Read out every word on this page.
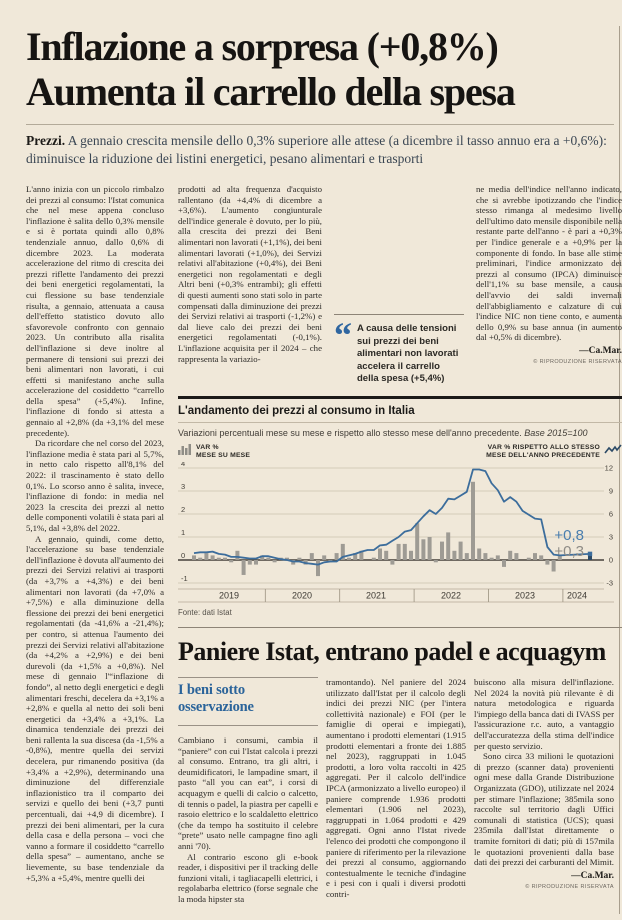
Inflazione a sorpresa (+0,8%)
Aumenta il carrello della spesa

Prezzi. A gennaio crescita mensile dello 0,3% superiore alle attese (a dicembre il tasso annuo era a +0,6%): diminuisce la riduzione dei listini energetici, pesano alimentari e trasporti

L'anno inizia con un piccolo rimbalzo dei prezzi al consumo: l'Istat comunica che nel mese appena concluso l'inflazione è salita dello 0,3% mensile e si è portata quindi allo 0,8% tendenziale annuo, dallo 0,6% di dicembre 2023. La moderata accelerazione del ritmo di crescita dei prezzi riflette l'andamento dei prezzi dei beni energetici regolamentati, la cui flessione su base tendenziale risulta, a gennaio, attenuata a causa dell'effetto statistico dovuto allo sfavorevole confronto con gennaio 2023. Un contributo alla risalita dell'inflazione si deve inoltre al permanere di tensioni sui prezzi dei beni alimentari non lavorati, i cui effetti si manifestano anche sulla accelerazione del cosiddetto “carrello della spesa” (+5,4%). Infine, l'inflazione di fondo si attesta a gennaio al +2,8% (da +3,1% del mese precedente).

Da ricordare che nel corso del 2023, l'inflazione media è stata pari al 5,7%, in netto calo rispetto all'8,1% del 2022: il trascinamento è stato dello 0,1%. Lo scorso anno è salita, invece, l'inflazione di fondo: in media nel 2023 la crescita dei prezzi al netto delle componenti volatili è stata pari al 5,1%, dal +3,8% del 2022.

A gennaio, quindi, come detto, l'accelerazione su base tendenziale dell'inflazione è dovuta all'aumento dei prezzi dei Servizi relativi ai trasporti (da +3,7% a +4,3%) e dei beni alimentari non lavorati (da +7,0% a +7,5%) e alla diminuzione della flessione dei prezzi dei beni energetici regolamentati (da -41,6% a -21,4%); per contro, si attenua l'aumento dei prezzi dei Servizi relativi all'abitazione (da +4,2% a +2,9%) e dei beni durevoli (da +1,5% a +0,8%). Nel mese di gennaio l'“inflazione di fondo”, al netto degli energetici e degli alimentari freschi, decelera da +3,1% a +2,8% e quella al netto dei soli beni energetici da +3,4% a +3,1%. La dinamica tendenziale dei prezzi dei beni rallenta la sua discesa (da -1,5% a -0,8%), mentre quella dei servizi decelera, pur rimanendo positiva (da +3,4% a +2,9%), determinando una diminuzione del differenziale inflazionistico tra il comparto dei servizi e quello dei beni (+3,7 punti percentuali, dai +4,9 di dicembre). I prezzi dei beni alimentari, per la cura della casa e della persona – voci che vanno a formare il cosiddetto “carrello della spesa” – aumentano, anche se lievemente, su base tendenziale da +5,3% a +5,4%, mentre quelli dei

prodotti ad alta frequenza d'acquisto rallentano (da +4,4% di dicembre a +3,6%). L'aumento congiunturale dell'indice generale è dovuto, per lo più, alla crescita dei prezzi dei Beni alimentari non lavorati (+1,1%), dei beni alimentari lavorati (+1,0%), dei Servizi relativi all'abitazione (+0,4%), dei Beni energetici non regolamentati e degli Altri beni (+0,3% entrambi); gli effetti di questi aumenti sono stati solo in parte compensati dalla diminuzione dei prezzi dei Servizi relativi ai trasporti (-1,2%) e dal lieve calo dei prezzi dei beni energetici regolamentati (-0,1%). L'inflazione acquisita per il 2024 – che rappresenta la variazio-

“ A causa delle tensioni sui prezzi dei beni alimentari non lavorati accelera il carrello della spesa (+5,4%)

ne media dell'indice nell'anno indicato, che si avrebbe ipotizzando che l'indice stesso rimanga al medesimo livello dell'ultimo dato mensile disponibile nella restante parte dell'anno - è pari a +0,3% per l'indice generale e a +0,9% per la componente di fondo. In base alle stime preliminari, l'indice armonizzato dei prezzi al consumo (IPCA) diminuisce dell'1,1% su base mensile, a causa dell'avvio dei saldi invernali dell'abbigliamento e calzature di cui l'indice NIC non tiene conto, e aumenta dello 0,9% su base annua (in aumento dal +0,5% di dicembre).

—Ca.Mar.
© RIPRODUZIONE RISERVATA
L'andamento dei prezzi al consumo in Italia
Variazioni percentuali mese su mese e rispetto allo stesso mese dell'anno precedente. Base 2015=100
VAR %
MESE SU MESE
VAR % RISPETTO ALLO STESSO
MESE DELL'ANNO PRECEDENTE
4	12
3	9
2	6
1	3
0	0
-1	-3
2019	2020	2021	2022	2023	2024
+0,8
+0,3
Fonte: dati Istat
Paniere Istat, entrano padel e acquagym
I beni sotto osservazione

Cambiano i consumi, cambia il “paniere” con cui l'Istat calcola i prezzi al consumo. Entrano, tra gli altri, i deumidificatori, le lampadine smart, il pasto “all you can eat”, i corsi di acquagym e quelli di calcio o calcetto, di tennis o padel, la piastra per capelli e rasoio elettrico e lo scaldaletto elettrico (che da tempo ha sostituito il celebre “prete” usato nelle campagne fino agli anni '70).

Al contrario escono gli e-book reader, i dispositivi per il tracking delle funzioni vitali, i tagliacapelli elettrici, i regolabarba elettrico (forse segnale che la moda hipster sta

tramontando). Nel paniere del 2024 utilizzato dall'Istat per il calcolo degli indici dei prezzi NIC (per l'intera collettività nazionale) e FOI (per le famiglie di operai e impiegati), aumentano i prodotti elementari (1.915 prodotti elementari a fronte dei 1.885 nel 2023), raggruppati in 1.045 prodotti, a loro volta raccolti in 425 aggregati. Per il calcolo dell'indice IPCA (armonizzato a livello europeo) il paniere comprende 1.936 prodotti elementari (1.906 nel 2023), raggruppati in 1.064 prodotti e 429 aggregati. Ogni anno l'Istat rivede l'elenco dei prodotti che compongono il paniere di riferimento per la rilevazione dei prezzi al consumo, aggiornando contestualmente le tecniche d'indagine e i pesi con i quali i diversi prodotti contri-

buiscono alla misura dell'inflazione. Nel 2024 la novità più rilevante è di natura metodologica e riguarda l'impiego della banca dati di IVASS per l'assicurazione r.c. auto, a vantaggio dell'accuratezza della stima dell'indice per questo servizio.

Sono circa 33 milioni le quotazioni di prezzo (scanner data) provenienti ogni mese dalla Grande Distribuzione Organizzata (GDO), utilizzate nel 2024 per stimare l'inflazione; 385mila sono raccolte sul territorio dagli Uffici comunali di statistica (UCS); quasi 235mila dall'Istat direttamente o tramite fornitori di dati; più di 157mila le quotazioni provenienti dalla base dati dei prezzi dei carburanti del Mimit.

—Ca.Mar.
© RIPRODUZIONE RISERVATA
